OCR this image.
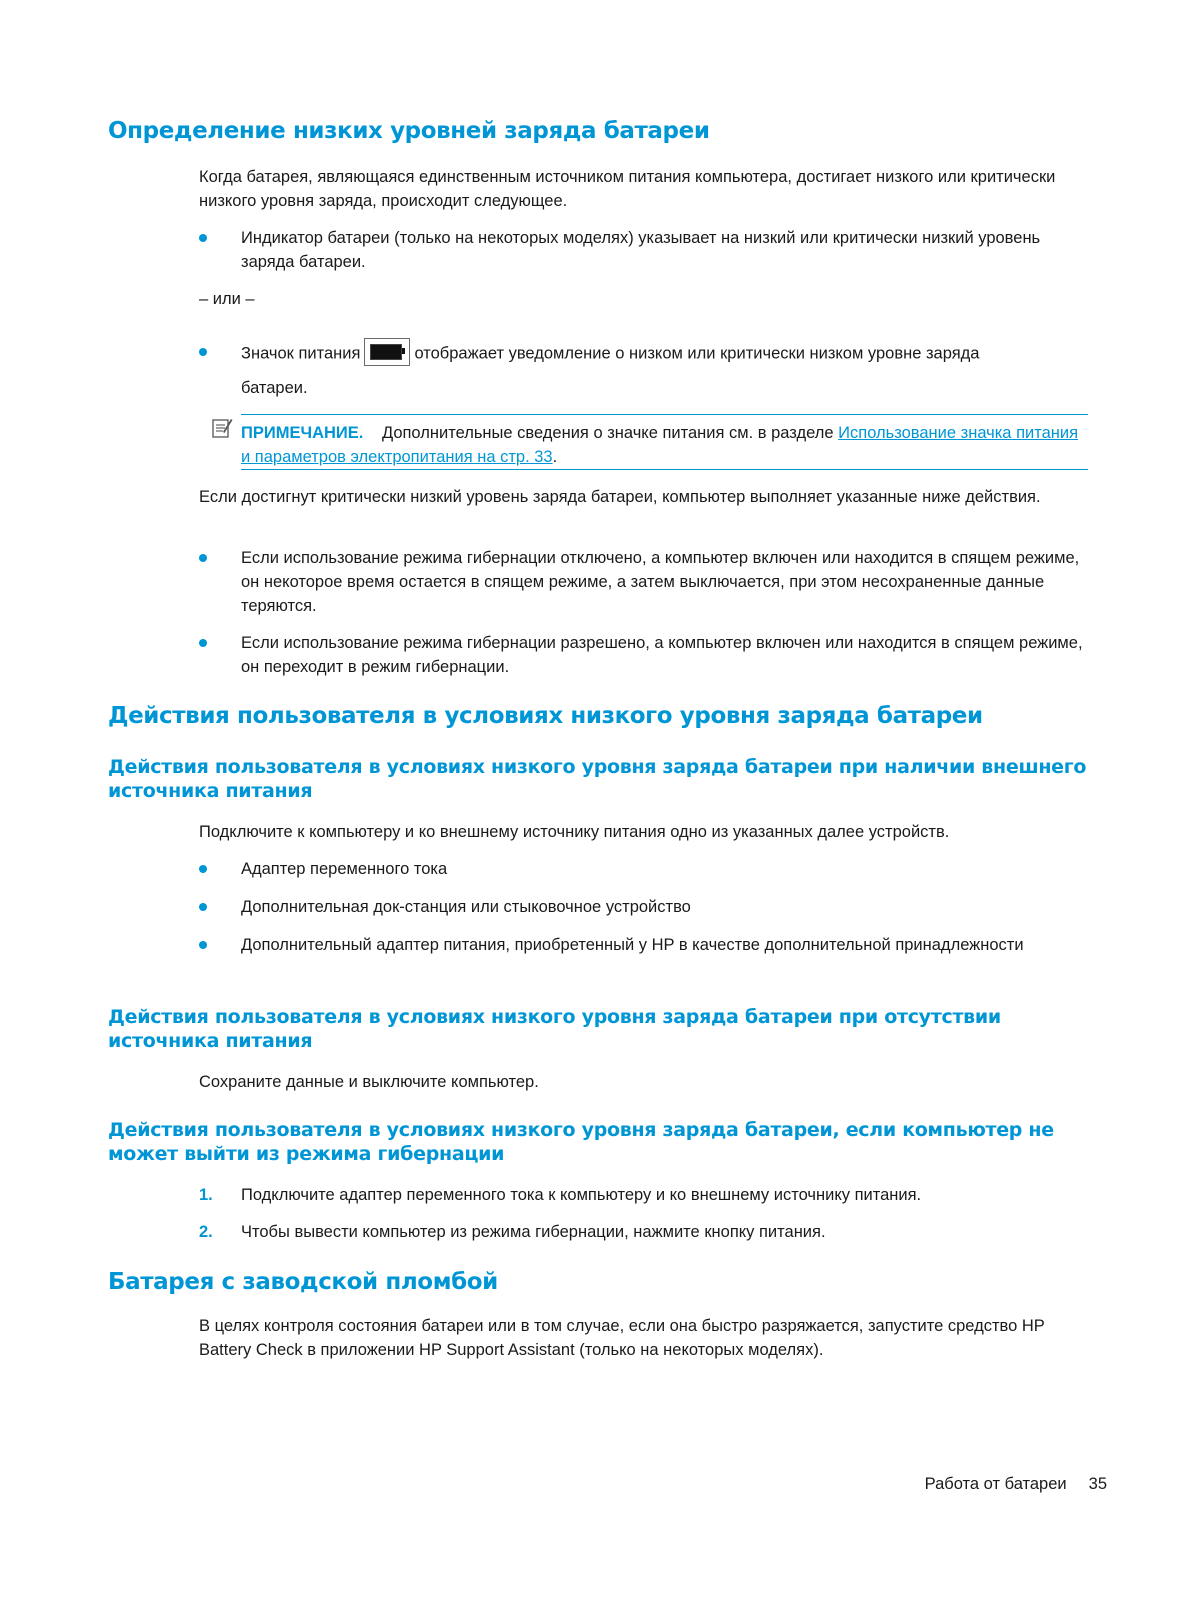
Определение низких уровней заряда батареи

Когда батарея, являющаяся единственным источником питания компьютера, достигает низкого или критически низкого уровня заряда, происходит следующее.

Индикатор батареи (только на некоторых моделях) указывает на низкий или критически низкий уровень заряда батареи.

– или –

Значок питания	отображает уведомление о низком или критически низком уровне заряда

батареи.

ПРИМЕЧАНИЕ. Дополнительные сведения о значке питания см. в разделе Использование значка питания и параметров электропитания на стр. 33.

Если достигнут критически низкий уровень заряда батареи, компьютер выполняет указанные ниже действия.

Если использование режима гибернации отключено, а компьютер включен или находится в спящем режиме, он некоторое время остается в спящем режиме, а затем выключается, при этом несохраненные данные теряются.
Если использование режима гибернации разрешено, а компьютер включен или находится в спящем режиме, он переходит в режим гибернации.
Действия пользователя в условиях низкого уровня заряда батареи
Действия пользователя в условиях низкого уровня заряда батареи при наличии внешнего источника питания

Подключите к компьютеру и ко внешнему источнику питания одно из указанных далее устройств.

Адаптер переменного тока
Дополнительная док-станция или стыковочное устройство
Дополнительный адаптер питания, приобретенный у HP в качестве дополнительной принадлежности
Действия пользователя в условиях низкого уровня заряда батареи при отсутствии источника питания

Сохраните данные и выключите компьютер.

Действия пользователя в условиях низкого уровня заряда батареи, если компьютер не может выйти из режима гибернации
1. Подключите адаптер переменного тока к компьютеру и ко внешнему источнику питания.
2. Чтобы вывести компьютер из режима гибернации, нажмите кнопку питания.
Батарея с заводской пломбой

В целях контроля состояния батареи или в том случае, если она быстро разряжается, запустите средство HP Battery Check в приложении HP Support Assistant (только на некоторых моделях).

Работа от батареи 35
